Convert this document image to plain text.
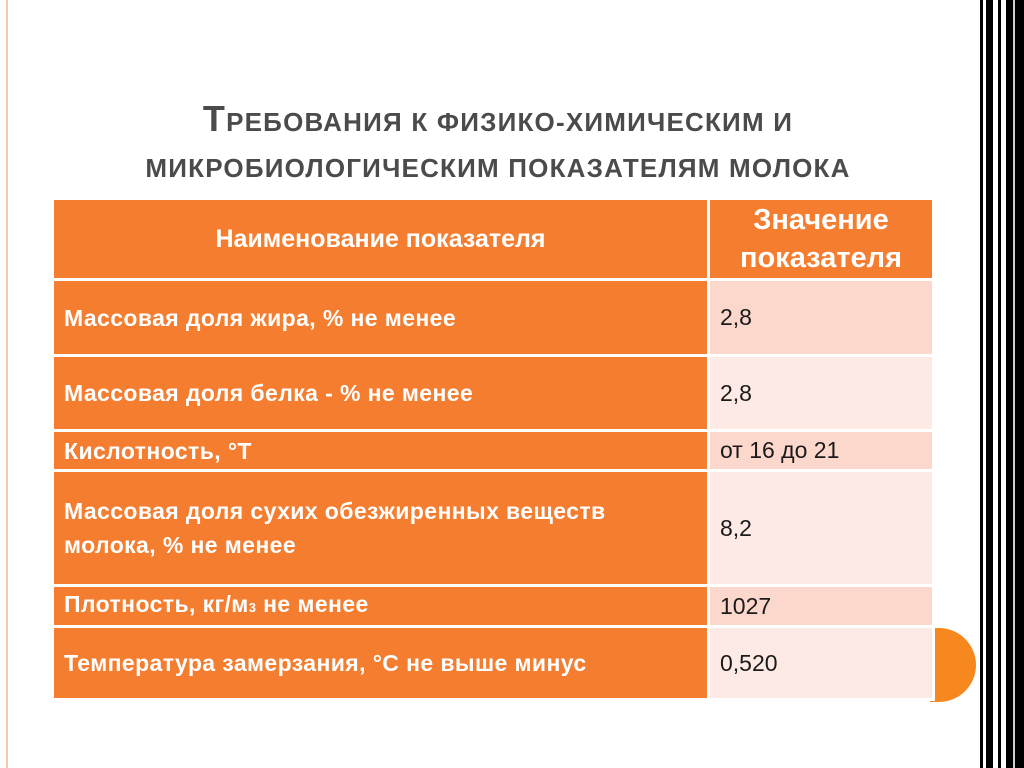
ТРЕБОВАНИЯ К ФИЗИКО-ХИМИЧЕСКИМ И
МИКРОБИОЛОГИЧЕСКИМ ПОКАЗАТЕЛЯМ МОЛОКА
Наименование показателя	Значение показателя
Массовая доля жира, % не менее	2,8
Массовая доля белка - % не менее	2,8
Кислотность, °Т	от 16 до 21
Массовая доля сухих обезжиренных веществ молока, % не менее	8,2
Плотность, кг/м3 не менее	1027
Температура замерзания, °С не выше минус	0,520
